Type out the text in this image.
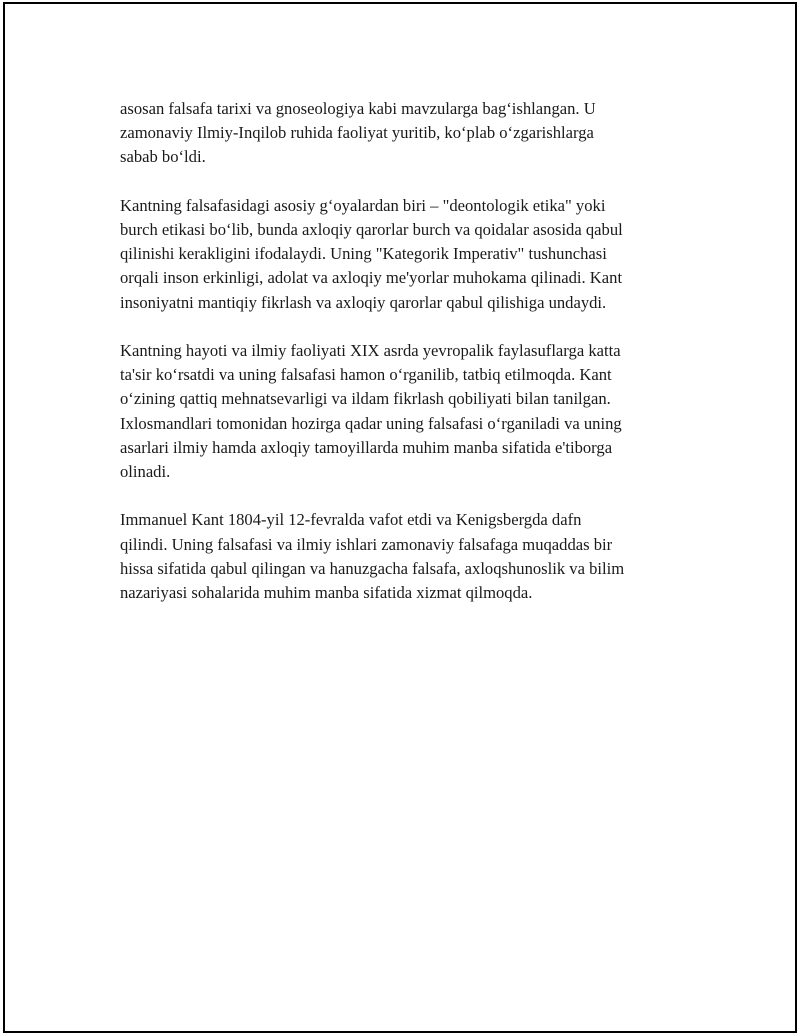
asosan falsafa tarixi va gnoseologiya kabi mavzularga bag‘ishlangan. U
zamonaviy Ilmiy-Inqilob ruhida faoliyat yuritib, ko‘plab o‘zgarishlarga
sabab bo‘ldi.

Kantning falsafasidagi asosiy g‘oyalardan biri – "deontologik etika" yoki
burch etikasi bo‘lib, bunda axloqiy qarorlar burch va qoidalar asosida qabul
qilinishi kerakligini ifodalaydi. Uning "Kategorik Imperativ" tushunchasi
orqali inson erkinligi, adolat va axloqiy me'yorlar muhokama qilinadi. Kant
insoniyatni mantiqiy fikrlash va axloqiy qarorlar qabul qilishiga undaydi.

Kantning hayoti va ilmiy faoliyati XIX asrda yevropalik faylasuflarga katta
ta'sir ko‘rsatdi va uning falsafasi hamon o‘rganilib, tatbiq etilmoqda. Kant
o‘zining qattiq mehnatsevarligi va ildam fikrlash qobiliyati bilan tanilgan.
Ixlosmandlari tomonidan hozirga qadar uning falsafasi o‘rganiladi va uning
asarlari ilmiy hamda axloqiy tamoyillarda muhim manba sifatida e'tiborga
olinadi.

Immanuel Kant 1804-yil 12-fevralda vafot etdi va Kenigsbergda dafn
qilindi. Uning falsafasi va ilmiy ishlari zamonaviy falsafaga muqaddas bir
hissa sifatida qabul qilingan va hanuzgacha falsafa, axloqshunoslik va bilim
nazariyasi sohalarida muhim manba sifatida xizmat qilmoqda.
